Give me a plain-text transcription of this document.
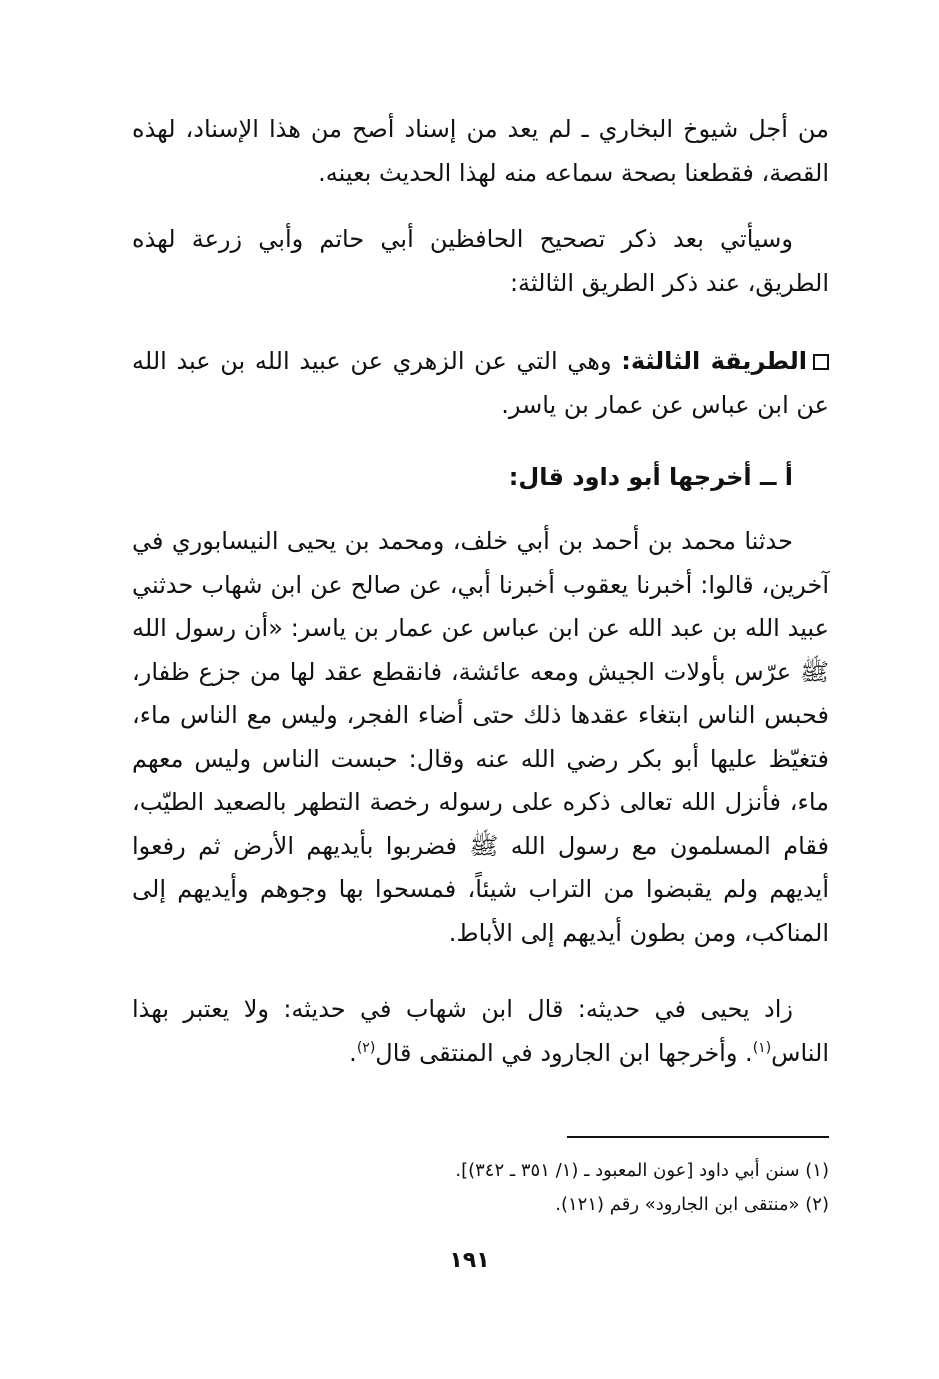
من أجل شيوخ البخاري ـ لم يعد من إسناد أصح من هذا الإسناد، لهذه القصة، فقطعنا بصحة سماعه منه لهذا الحديث بعينه.

وسيأتي بعد ذكر تصحيح الحافظين أبي حاتم وأبي زرعة لهذه الطريق، عند ذكر الطريق الثالثة:

الطريقة الثالثة: وهي التي عن الزهري عن عبيد الله بن عبد الله عن ابن عباس عن عمار بن ياسر.

أ ــ أخرجها أبو داود قال:

حدثنا محمد بن أحمد بن أبي خلف، ومحمد بن يحيى النيسابوري في آخرين، قالوا: أخبرنا يعقوب أخبرنا أبي، عن صالح عن ابن شهاب حدثني عبيد الله بن عبد الله عن ابن عباس عن عمار بن ياسر: «أن رسول الله ﷺ عرّس بأولات الجيش ومعه عائشة، فانقطع عقد لها من جزع ظفار، فحبس الناس ابتغاء عقدها ذلك حتى أضاء الفجر، وليس مع الناس ماء، فتغيّظ عليها أبو بكر رضي الله عنه وقال: حبست الناس وليس معهم ماء، فأنزل الله تعالى ذكره على رسوله رخصة التطهر بالصعيد الطيّب، فقام المسلمون مع رسول الله ﷺ فضربوا بأيديهم الأرض ثم رفعوا أيديهم ولم يقبضوا من التراب شيئاً، فمسحوا بها وجوهم وأيديهم إلى المناكب، ومن بطون أيديهم إلى الأباط.

زاد يحيى في حديثه: قال ابن شهاب في حديثه: ولا يعتبر بهذا الناس$^{(١)}$. وأخرجها ابن الجارود في المنتقى قال$^{(٢)}$.

(١) سنن أبي داود [عون المعبود ـ (١/ ٣٥١ ـ ٣٤٢)].

(٢) «منتقى ابن الجارود» رقم (١٢١).

١٩١
